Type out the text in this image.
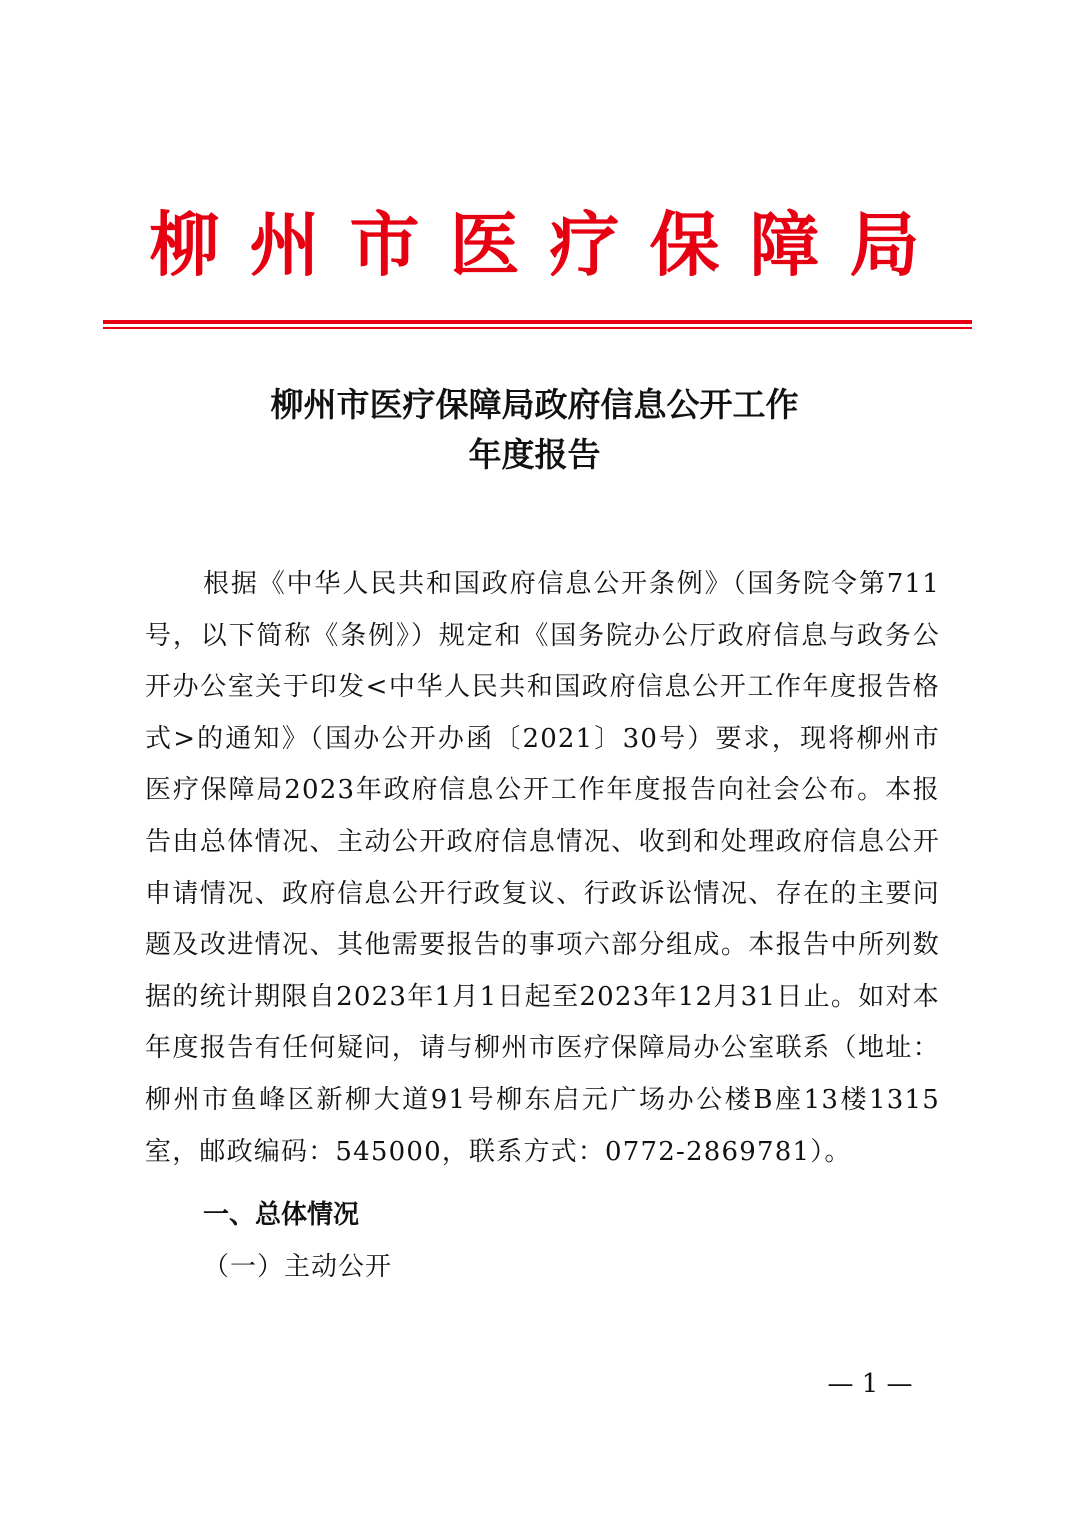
柳州市医疗保障局
柳州市医疗保障局政府信息公开工作
年度报告

根据《中华人民共和国政府信息公开条例》（国务院令第711号，以下简称《条例》）规定和《国务院办公厅政府信息与政务公开办公室关于印发<中华人民共和国政府信息公开工作年度报告格式>的通知》（国办公开办函〔2021〕30号）要求，现将柳州市医疗保障局2023年政府信息公开工作年度报告向社会公布。本报告由总体情况、主动公开政府信息情况、收到和处理政府信息公开申请情况、政府信息公开行政复议、行政诉讼情况、存在的主要问题及改进情况、其他需要报告的事项六部分组成。本报告中所列数据的统计期限自2023年1月1日起至2023年12月31日止。如对本年度报告有任何疑问，请与柳州市医疗保障局办公室联系（地址：柳州市鱼峰区新柳大道91号柳东启元广场办公楼B座13楼1315室，邮政编码：545000，联系方式：0772-2869781）。

一、总体情况
（一）主动公开
— 1 —
